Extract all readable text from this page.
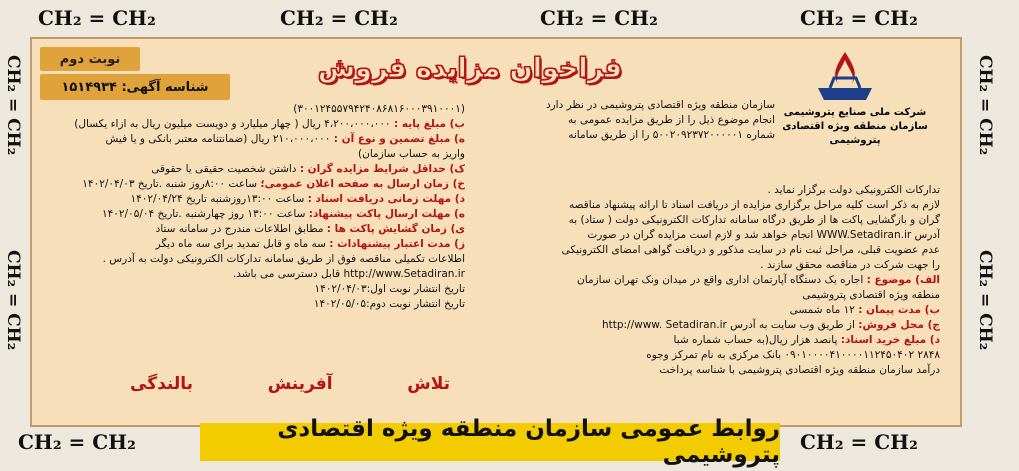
CH₂ = CH₂	CH₂ = CH₂	CH₂ = CH₂	CH₂ = CH₂
CH₂ = CH₂	CH₂ = CH₂
CH₂ = CH₂
CH₂ = CH₂
CH₂ = CH₂
CH₂ = CH₂
فراخوان مزایده فروش
شرکت ملی صنایع پتروشیمی
سازمان منطقه ویژه اقتصادی پتروشیمی
نوبت دوم
شناسه آگهی: ۱۵۱۴۹۳۴

سازمان منطقه ویژه اقتصادی پتروشیمی در نظر دارد

انجام موضوع ذیل را از طریق مزایده عمومی به

شماره ۵۰۰۲۰۹۲۳۷۲۰۰۰۰۰۱ را از طریق سامانه

تدارکات الکترونیکی دولت برگزار نماید .

لازم به ذکر است کلیه مراحل برگزاری مزایده از دریافت اسناد تا ارائه پیشنهاد مناقصه

گران و بازگشایی پاکت ها از طریق درگاه سامانه تدارکات الکترونیکی دولت ( ستاد) به

آدرس WWW.Setadiran.ir انجام خواهد شد و لازم است مزایده گران در صورت

عدم عضویت قبلی، مراحل ثبت نام در سایت مذکور و دریافت گواهی امضای الکترونیکی

را جهت شرکت در مناقصه محقق سازند .

الف) موضوع : اجاره یک دستگاه آپارتمان اداری واقع در میدان ونک تهران سازمان

منطقه ویژه اقتصادی پتروشیمی

ب) مدت پیمان : ۱۲ ماه شمسی

ج) محل فروش: از طریق وب سایت به آدرس http://www. Setadiran.ir

د) مبلغ خرید اسناد: پانصد هزار ریال(به حساب شماره شبا

۲۸۴۸ ۰۹۰۱۰۰۰۰۴۱۰۰۰۰۱۱۲۴۵۰۴۰۲ بانک مرکزی به نام تمرکز وجوه

درآمد سازمان منطقه ویژه اقتصادی پتروشیمی با شناسه پرداخت

(۳۰۰۱۲۴۵۵۷۹۴۲۴۰۸۶۸۱۶۰۰۰۳۹۱۰۰۰۱)

ب) مبلغ پایه : ۴،۲۰۰،۰۰۰،۰۰۰ ریال ( چهار میلیارد و دویست میلیون ریال به ازاء یکسال)

ه) مبلغ تضمین و نوع آن : ۲۱۰،۰۰۰،۰۰۰ ریال (ضمانتنامه معتبر بانکی و یا فیش

واریز به حساب سازمان)

ک) حداقل شرایط مزایده گران : داشتن شخصیت حقیقی یا حقوقی

خ) زمان ارسال به صفحه اعلان عمومی؛ ساعت ۸:۰۰روز شنبه .تاریخ ۱۴۰۲/۰۴/۰۳

د) مهلت زمانی دریافت اسناد : ساعت ۱۳:۰۰روزشنبه تاریخ ۱۴۰۲/۰۴/۲۴

ه) مهلت ارسال پاکت پیشنهاد: ساعت ۱۳:۰۰ روز چهارشنبه .تاریخ ۱۴۰۲/۰۵/۰۴

ی) زمان گشایش پاکت ها : مطابق اطلاعات مندرج در سامانه ستاد

ز) مدت اعتبار پیشنهادات : سه ماه و قابل تمدید برای سه ماه دیگر

اطلاعات تکمیلی مناقصه فوق از طریق سامانه تدارکات الکترونیکی دولت به آدرس .

http://www.Setadiran.ir قابل دسترسی می باشد.

تاریخ انتشار نوبت اول:۱۴۰۲/۰۴/۰۳

تاریخ انتشار نوبت دوم:۱۴۰۲/۰۵/۰۵

تلاش
آفرینش
بالندگی
روابط عمومی سازمان منطقه ویژه اقتصادی پتروشیمی
